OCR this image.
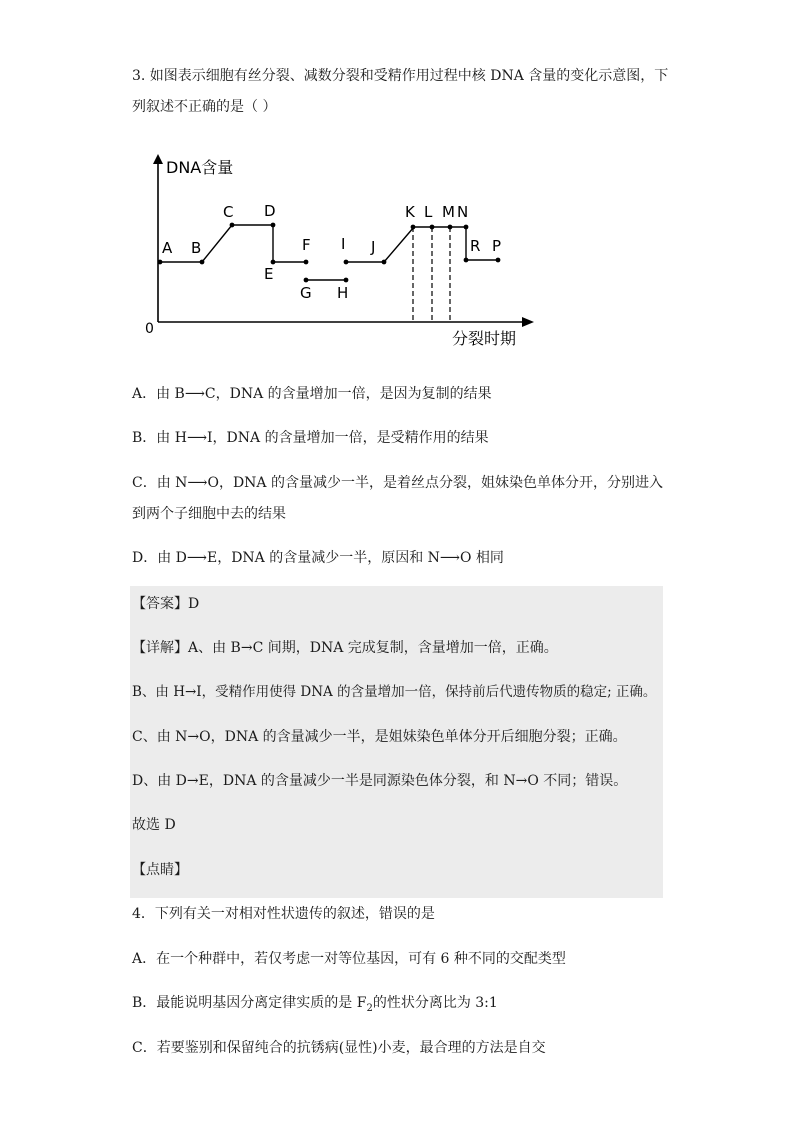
3. 如图表示细胞有丝分裂、减数分裂和受精作用过程中核 DNA 含量的变化示意图，下
列叙述不正确的是（ ）
DNA含量
分裂时期
0
A B
C D
E
F
G H
I J
K L M N
R P
A．由 B⟶C，DNA 的含量增加一倍，是因为复制的结果
B．由 H⟶I，DNA 的含量增加一倍，是受精作用的结果
C．由 N⟶O，DNA 的含量减少一半，是着丝点分裂，姐妹染色单体分开，分别进入
到两个子细胞中去的结果
D．由 D⟶E，DNA 的含量减少一半，原因和 N⟶O 相同
【答案】D
【详解】A、由 B→C 间期，DNA 完成复制，含量增加一倍，正确。
B、由 H→I，受精作用使得 DNA 的含量增加一倍，保持前后代遗传物质的稳定; 正确。
C、由 N→O，DNA 的含量减少一半，是姐妹染色单体分开后细胞分裂；正确。
D、由 D→E，DNA 的含量减少一半是同源染色体分裂，和 N→O 不同；错误。
故选 D
【点睛】
4．下列有关一对相对性状遗传的叙述，错误的是
A．在一个种群中，若仅考虑一对等位基因，可有 6 种不同的交配类型
B．最能说明基因分离定律实质的是 $F_2$的性状分离比为 3:1
C．若要鉴别和保留纯合的抗锈病(显性)小麦，最合理的方法是自交
